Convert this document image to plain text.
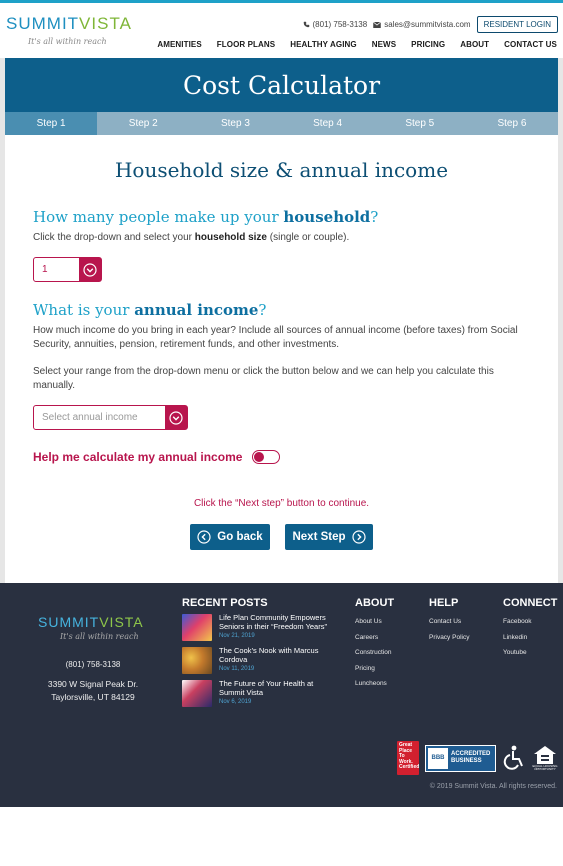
SUMMITVISTA
It's all within reach
(801) 758-3138 sales@summitvista.com	RESIDENT LOGIN
AMENITIES FLOOR PLANS HEALTHY AGING NEWS PRICING ABOUT CONTACT US
Cost Calculator
Step 1	Step 2	Step 3	Step 4	Step 5	Step 6
Household size & annual income
How many people make up your household?
Click the drop-down and select your household size (single or couple).
1
What is your annual income?
How much income do you bring in each year? Include all sources of annual income (before taxes) from Social Security, annuities, pension, retirement funds, and other investments.
Select your range from the drop-down menu or click the button below and we can help you calculate this manually.
Select annual income
Help me calculate my annual income
Click the “Next step” button to continue.
Go back	Next Step
SUMMITVISTA
It's all within reach
(801) 758-3138
3390 W Signal Peak Dr.
Taylorsville, UT 84129
RECENT POSTS
Life Plan Community Empowers Seniors in their “Freedom Years”
Nov 21, 2019
The Cook’s Nook with Marcus Cordova
Nov 11, 2019
The Future of Your Health at Summit Vista
Nov 6, 2019
ABOUT
About Us
Careers
Construction
Pricing
Luncheons
HELP
Contact Us
Privacy Policy
CONNECT
Facebook
Linkedin
Youtube
Great Place To Work. Certified
BBB
ACCREDITED
BUSINESS
EQUAL HOUSING OPPORTUNITY
© 2019 Summit Vista. All rights reserved.
